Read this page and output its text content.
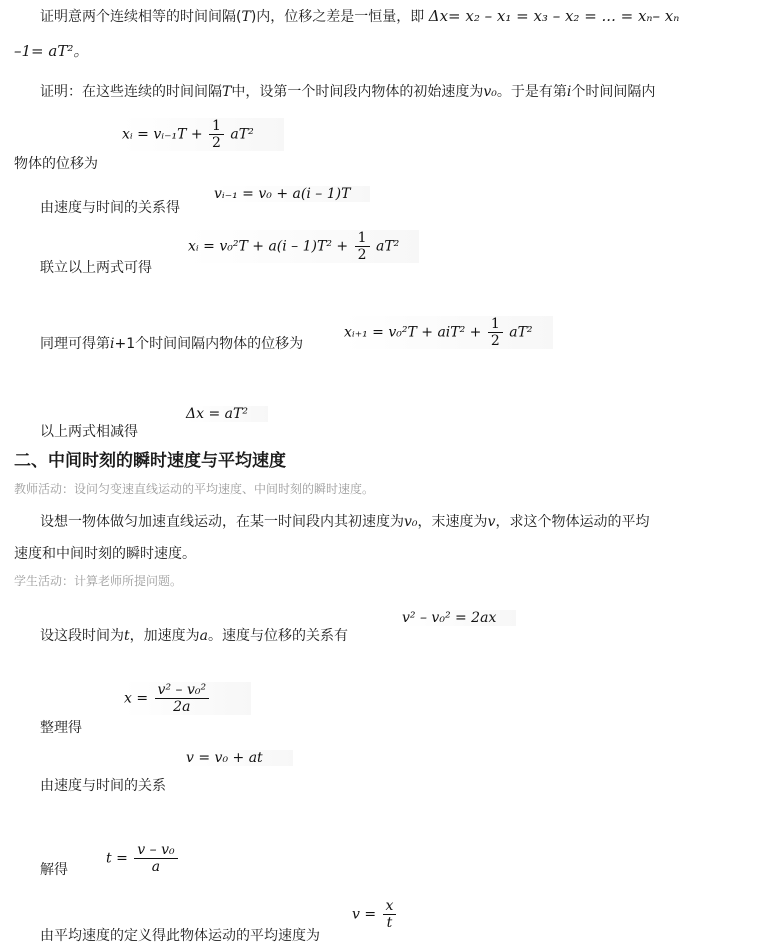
证明意两个连续相等的时间间隔(T)内，位移之差是一恒量，即 Δx= x₂ – x₁ = x₃ – x₂ = ... = xₙ– xₙ
–1= aT²。
证明：在这些连续的时间间隔T中，设第一个时间段内物体的初始速度为v₀。于是有第i个时间间隔内
xᵢ = vᵢ₋₁T + $\frac{1}{2} aT^2$
物体的位移为
vᵢ₋₁ = v₀ + a(i – 1)T
由速度与时间的关系得
xᵢ = $v_0^2T + a(i - 1)T^2 + \frac{1}{2} aT^2$
联立以上两式可得
xᵢ₊₁ = $v_0^2T + aiT^2 + \frac{1}{2} aT^2$
同理可得第i+1个时间间隔内物体的位移为
Δx = aT²
以上两式相减得
二、中间时刻的瞬时速度与平均速度
教师活动：设问匀变速直线运动的平均速度、中间时刻的瞬时速度。
设想一物体做匀加速直线运动，在某一时间段内其初速度为v₀，末速度为v，求这个物体运动的平均
速度和中间时刻的瞬时速度。
学生活动：计算老师所提问题。
v² – v₀² = 2ax
设这段时间为t，加速度为a。速度与位移的关系有
$x = \frac{\text{v² – v₀²}}{2a}$
整理得
v = v₀ + at
由速度与时间的关系
$t = \frac{\text{v – v₀}}{a}$
解得
$v = \frac{x}{t}$
由平均速度的定义得此物体运动的平均速度为
